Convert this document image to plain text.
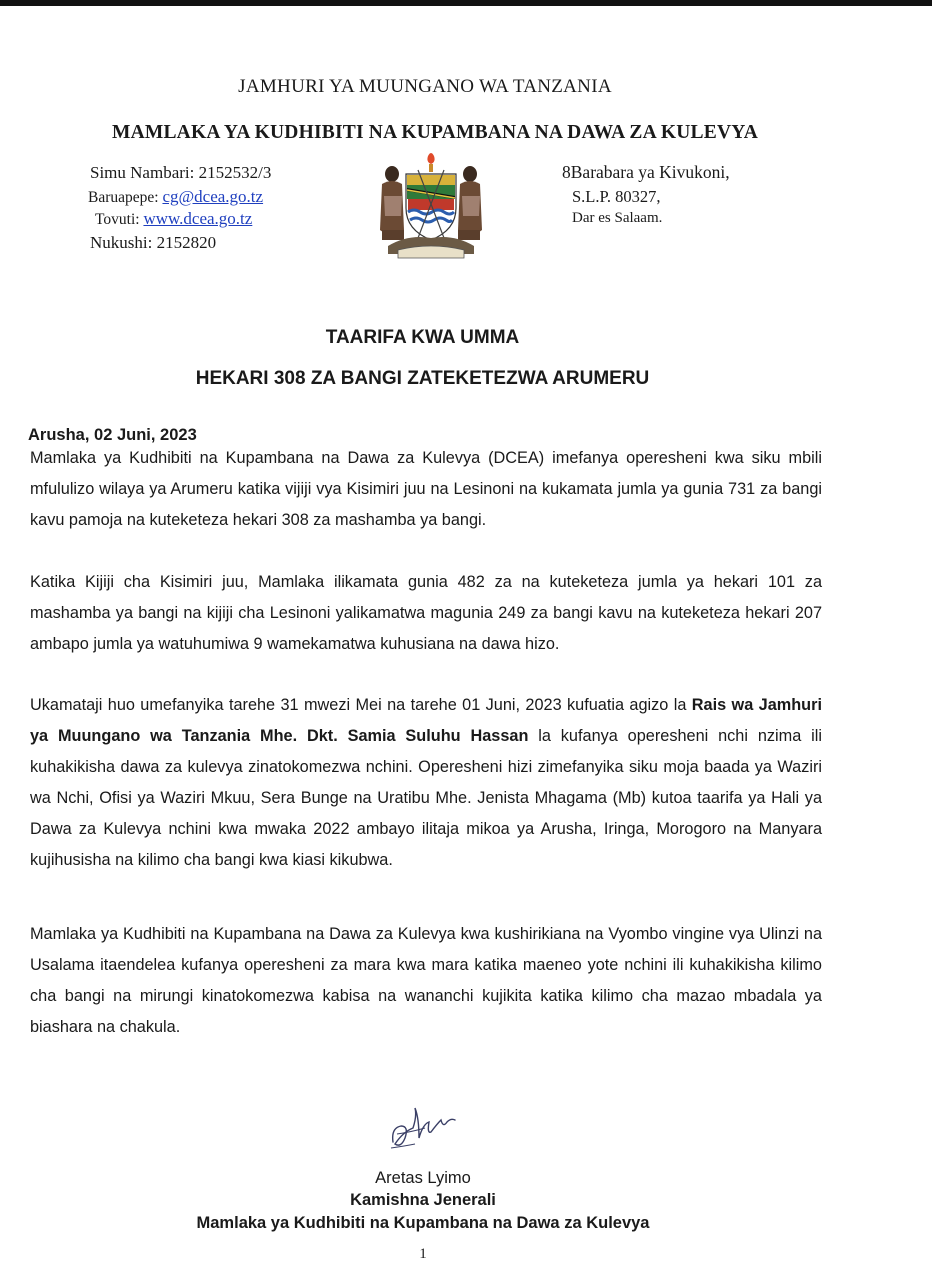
JAMHURI YA MUUNGANO WA TANZANIA
MAMLAKA YA KUDHIBITI NA KUPAMBANA NA DAWA ZA KULEVYA
Simu Nambari: 2152532/3
Baruapepe: cg@dcea.go.tz
Tovuti: www.dcea.go.tz
Nukushi: 2152820
8Barabara ya Kivukoni,
S.L.P. 80327,
Dar es Salaam.
TAARIFA KWA UMMA
HEKARI 308 ZA BANGI ZATEKETEZWA ARUMERU
Arusha, 02 Juni, 2023

Mamlaka ya Kudhibiti na Kupambana na Dawa za Kulevya (DCEA) imefanya operesheni kwa siku mbili mfululizo wilaya ya Arumeru katika vijiji vya Kisimiri juu na Lesinoni na kukamata jumla ya gunia 731 za bangi kavu pamoja na kuteketeza hekari 308 za mashamba ya bangi.

Katika Kijiji cha Kisimiri juu, Mamlaka ilikamata gunia 482 za na kuteketeza jumla ya hekari 101 za mashamba ya bangi na kijiji cha Lesinoni yalikamatwa magunia 249 za bangi kavu na kuteketeza hekari 207 ambapo jumla ya watuhumiwa 9 wamekamatwa kuhusiana na dawa hizo.

Ukamataji huo umefanyika tarehe 31 mwezi Mei na tarehe 01 Juni, 2023 kufuatia agizo la Rais wa Jamhuri ya Muungano wa Tanzania Mhe. Dkt. Samia Suluhu Hassan la kufanya operesheni nchi nzima ili kuhakikisha dawa za kulevya zinatokomezwa nchini. Operesheni hizi zimefanyika siku moja baada ya Waziri wa Nchi, Ofisi ya Waziri Mkuu, Sera Bunge na Uratibu Mhe. Jenista Mhagama (Mb) kutoa taarifa ya Hali ya Dawa za Kulevya nchini kwa mwaka 2022 ambayo ilitaja mikoa ya Arusha, Iringa, Morogoro na Manyara kujihusisha na kilimo cha bangi kwa kiasi kikubwa.

Mamlaka ya Kudhibiti na Kupambana na Dawa za Kulevya kwa kushirikiana na Vyombo vingine vya Ulinzi na Usalama itaendelea kufanya operesheni za mara kwa mara katika maeneo yote nchini ili kuhakikisha kilimo cha bangi na mirungi kinatokomezwa kabisa na wananchi kujikita katika kilimo cha mazao mbadala ya biashara na chakula.

Aretas Lyimo
Kamishna Jenerali
Mamlaka ya Kudhibiti na Kupambana na Dawa za Kulevya
1
